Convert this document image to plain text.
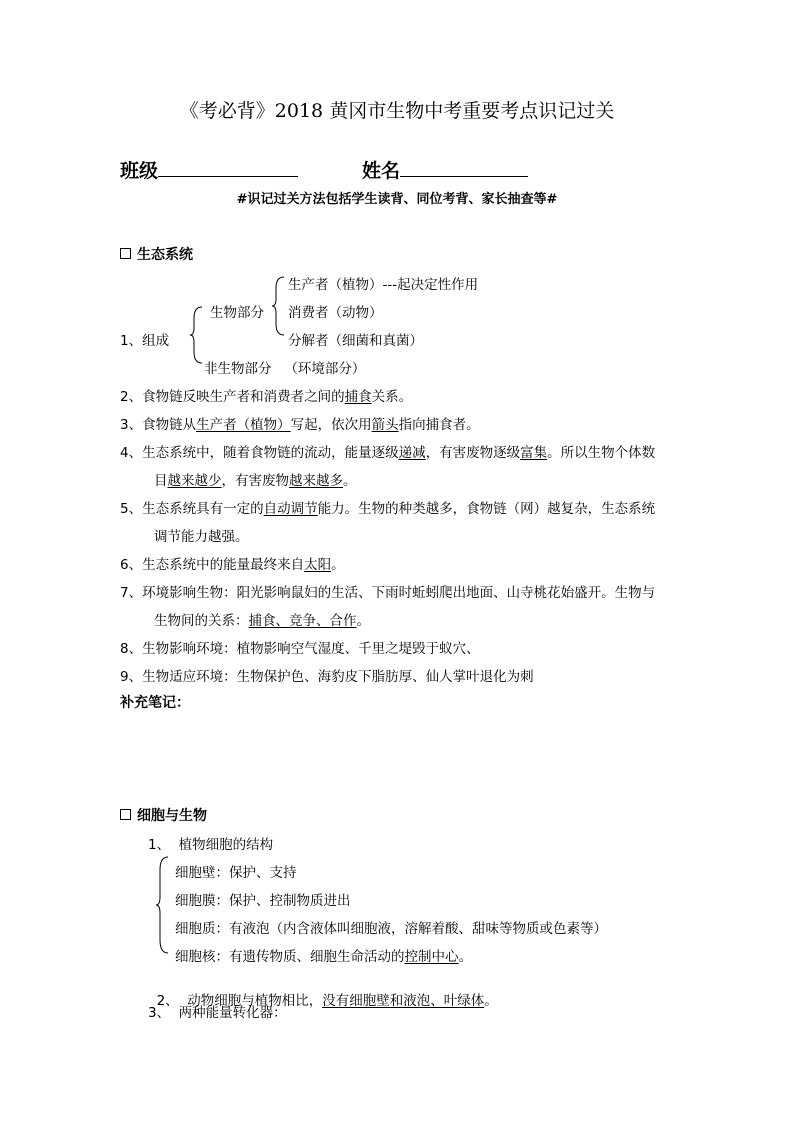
《考必背》2018 黄冈市生物中考重要考点识记过关
班级	姓名
#识记过关方法包括学生读背、同位考背、家长抽查等#
生态系统
1、组成
生物部分
生产者（植物）---起决定性作用
消费者（动物）
分解者（细菌和真菌）
非生物部分   （环境部分）
2、食物链反映生产者和消费者之间的捕食关系。
3、食物链从生产者（植物）写起，依次用箭头指向捕食者。
4、生态系统中，随着食物链的流动，能量逐级递减，有害废物逐级富集。所以生物个体数
目越来越少，有害废物越来越多。
5、生态系统具有一定的自动调节能力。生物的种类越多，食物链（网）越复杂，生态系统
调节能力越强。
6、生态系统中的能量最终来自太阳。
7、环境影响生物：阳光影响鼠妇的生活、下雨时蚯蚓爬出地面、山寺桃花始盛开。生物与
生物间的关系：捕食、竞争、合作。
8、生物影响环境：植物影响空气湿度、千里之堤毁于蚁穴、
9、生物适应环境：生物保护色、海豹皮下脂肪厚、仙人掌叶退化为刺
补充笔记：
细胞与生物
1、  植物细胞的结构
细胞壁：保护、支持
细胞膜：保护、控制物质进出
细胞质：有液泡（内含液体叫细胞液，溶解着酸、甜味等物质或色素等）
细胞核：有遗传物质、细胞生命活动的控制中心。

2、  动物细胞与植物相比，没有细胞壁和液泡、叶绿体。

3、  两种能量转化器：
